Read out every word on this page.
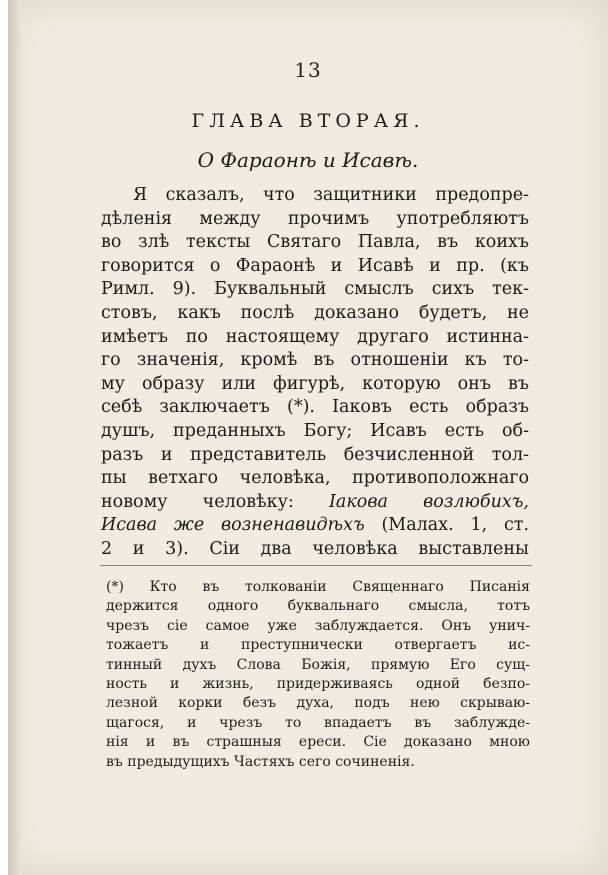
13
ГЛАВА ВТОРАЯ.
О Фараонѣ и Исавѣ.
Я сказалъ, что защитники предопре-
дѣленія между прочимъ употребляютъ
во злѣ тексты Святаго Павла, въ коихъ
говорится о Фараонѣ и Исавѣ и пр. (къ
Римл. 9). Буквальный смыслъ сихъ тек-
стовъ, какъ послѣ доказано будетъ, не
имѣетъ по настоящему другаго истинна-
го значенія, кромѣ въ отношеніи къ то-
му образу или фигурѣ, которую онъ въ
себѣ заключаетъ (*). Іаковъ есть образъ
душъ, преданныхъ Богу; Исавъ есть об-
разъ и представитель безчисленной тол-
пы ветхаго человѣка, противоположнаго
новому человѣку: Іакова возлюбихъ,
Исава же возненавидѣхъ (Малах. 1, ст.
2 и 3). Сіи два человѣка выставлены
(*) Кто въ толкованіи Священнаго Писанія
держится одного буквальнаго смысла, тотъ
чрезъ сіе самое уже заблуждается. Онъ унич-
тожаетъ и преступнически отвергаетъ ис-
тинный духъ Слова Божія, прямую Его сущ-
ность и жизнь, придерживаясь одной безпо-
лезной корки безъ духа, подъ нею скрываю-
щагося, и чрезъ то впадаетъ въ заблужде-
нія и въ страшныя ереси. Сіе доказано мною
въ предыдущихъ Частяхъ сего сочиненія.
